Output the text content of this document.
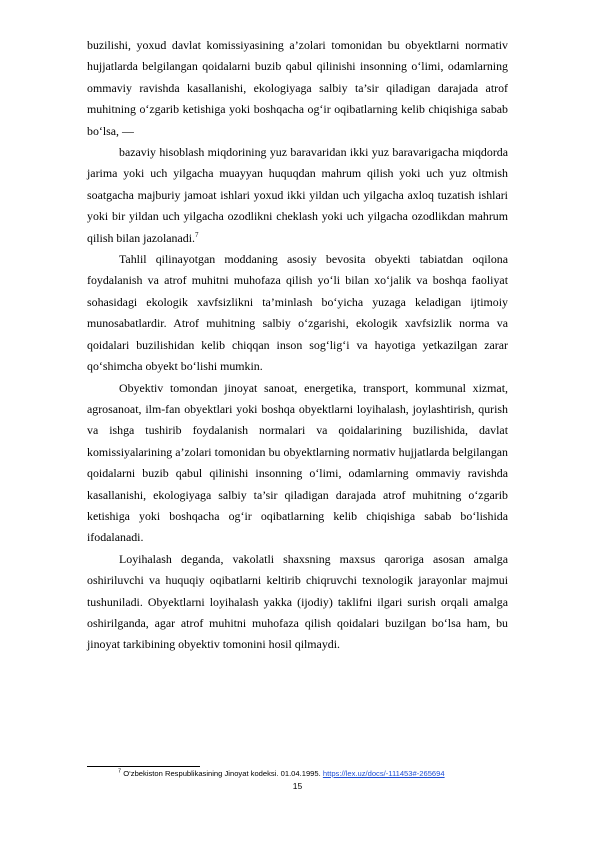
buzilishi, yoxud davlat komissiyasining a’zolari tomonidan bu obyektlarni normativ hujjatlarda belgilangan qoidalarni buzib qabul qilinishi insonning o‘limi, odamlarning ommaviy ravishda kasallanishi, ekologiyaga salbiy ta’sir qiladigan darajada atrof muhitning o‘zgarib ketishiga yoki boshqacha og‘ir oqibatlarning kelib chiqishiga sabab bo‘lsa, —

bazaviy hisoblash miqdorining yuz baravaridan ikki yuz baravarigacha miqdorda jarima yoki uch yilgacha muayyan huquqdan mahrum qilish yoki uch yuz oltmish soatgacha majburiy jamoat ishlari yoxud ikki yildan uch yilgacha axloq tuzatish ishlari yoki bir yildan uch yilgacha ozodlikni cheklash yoki uch yilgacha ozodlikdan mahrum qilish bilan jazolanadi.$^7$

Tahlil qilinayotgan moddaning asosiy bevosita obyekti tabiatdan oqilona foydalanish va atrof muhitni muhofaza qilish yo‘li bilan xo‘jalik va boshqa faoliyat sohasidagi ekologik xavfsizlikni ta’minlash bo‘yicha yuzaga keladigan ijtimoiy munosabatlardir. Atrof muhitning salbiy o‘zgarishi, ekologik xavfsizlik norma va qoidalari buzilishidan kelib chiqqan inson sog‘lig‘i va hayotiga yetkazilgan zarar qo‘shimcha obyekt bo‘lishi mumkin.

Obyektiv tomondan jinoyat sanoat, energetika, transport, kommunal xizmat, agrosanoat, ilm-fan obyektlari yoki boshqa obyektlarni loyihalash, joylashtirish, qurish va ishga tushirib foydalanish normalari va qoidalarining buzilishida, davlat komissiyalarining a’zolari tomonidan bu obyektlarning normativ hujjatlarda belgilangan qoidalarni buzib qabul qilinishi insonning o‘limi, odamlarning ommaviy ravishda kasallanishi, ekologiyaga salbiy ta’sir qiladigan darajada atrof muhitning o‘zgarib ketishiga yoki boshqacha og‘ir oqibatlarning kelib chiqishiga sabab bo‘lishida ifodalanadi.

Loyihalash deganda, vakolatli shaxsning maxsus qaroriga asosan amalga oshiriluvchi va huquqiy oqibatlarni keltirib chiqruvchi texnologik jarayonlar majmui tushuniladi. Obyektlarni loyihalash yakka (ijodiy) taklifni ilgari surish orqali amalga oshirilganda, agar atrof muhitni muhofaza qilish qoidalari buzilgan bo‘lsa ham, bu jinoyat tarkibining obyektiv tomonini hosil qilmaydi.

$^7$ O‘zbekiston Respublikasining Jinoyat kodeksi. 01.04.1995. https://lex.uz/docs/-111453#-265694
15
